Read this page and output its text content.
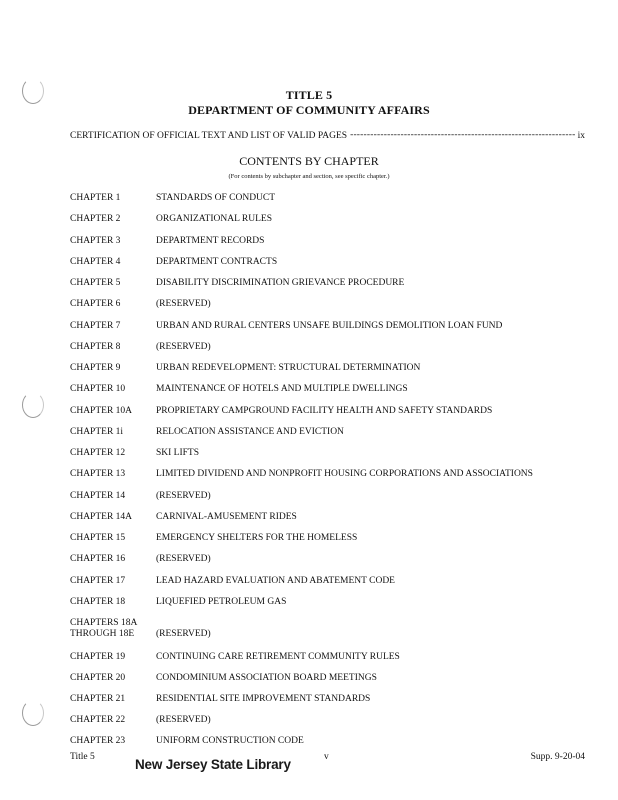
TITLE 5
DEPARTMENT OF COMMUNITY AFFAIRS
CERTIFICATION OF OFFICIAL TEXT AND LIST OF VALID PAGES
-----	ix
CONTENTS BY CHAPTER
(For contents by subchapter and section, see specific chapter.)
CHAPTER 1	STANDARDS OF CONDUCT
CHAPTER 2	ORGANIZATIONAL RULES
CHAPTER 3	DEPARTMENT RECORDS
CHAPTER 4	DEPARTMENT CONTRACTS
CHAPTER 5	DISABILITY DISCRIMINATION GRIEVANCE PROCEDURE
CHAPTER 6	(RESERVED)
CHAPTER 7	URBAN AND RURAL CENTERS UNSAFE BUILDINGS DEMOLITION LOAN FUND
CHAPTER 8	(RESERVED)
CHAPTER 9	URBAN REDEVELOPMENT: STRUCTURAL DETERMINATION
CHAPTER 10	MAINTENANCE OF HOTELS AND MULTIPLE DWELLINGS
CHAPTER 10A	PROPRIETARY CAMPGROUND FACILITY HEALTH AND SAFETY STANDARDS
CHAPTER 1i	RELOCATION ASSISTANCE AND EVICTION
CHAPTER 12	SKI LIFTS
CHAPTER 13	LIMITED DIVIDEND AND NONPROFIT HOUSING CORPORATIONS AND ASSOCIATIONS
CHAPTER 14	(RESERVED)
CHAPTER 14A	CARNIVAL-AMUSEMENT RIDES
CHAPTER 15	EMERGENCY SHELTERS FOR THE HOMELESS
CHAPTER 16	(RESERVED)
CHAPTER 17	LEAD HAZARD EVALUATION AND ABATEMENT CODE
CHAPTER 18	LIQUEFIED PETROLEUM GAS
CHAPTERS 18A
THROUGH 18E (RESERVED)
CHAPTER 19	CONTINUING CARE RETIREMENT COMMUNITY RULES
CHAPTER 20	CONDOMINIUM ASSOCIATION BOARD MEETINGS
CHAPTER 21	RESIDENTIAL SITE IMPROVEMENT STANDARDS
CHAPTER 22	(RESERVED)
CHAPTER 23	UNIFORM CONSTRUCTION CODE
Title 5	v	Supp. 9-20-04
New Jersey State Library
